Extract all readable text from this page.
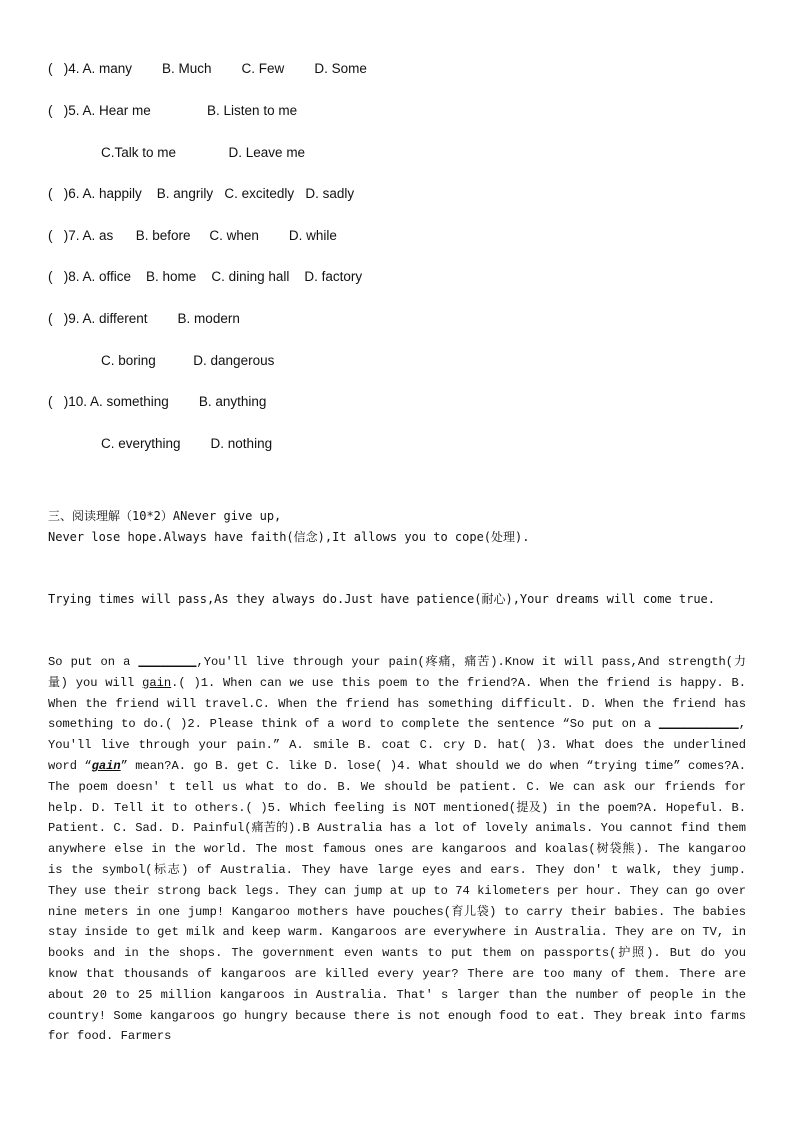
(   )4. A. many        B. Much        C. Few        D. Some
(   )5. A. Hear me               B. Listen to me
C.Talk to me              D. Leave me
(   )6. A. happily    B. angrily   C. excitedly   D. sadly
(   )7. A. as      B. before     C. when        D. while
(   )8. A. office    B. home    C. dining hall    D. factory
(   )9. A. different        B. modern
C. boring          D. dangerous
(   )10. A. something        B. anything
C. everything        D. nothing
三、阅读理解（10*2）ANever give up,
Never lose hope.Always have faith(信念),It allows you to cope(处理).
Trying times will pass,As they always do.Just have patience(耐心),Your dreams will come true.
So put on a ________,You'll live through your pain(疼痛，痛苦).Know it will pass,And strength(力量) you will gain.( )1. When can we use this poem to the friend?A. When the friend is happy. B. When the friend will travel.C. When the friend has something difficult. D. When the friend has something to do.( )2. Please think of a word to complete the sentence “So put on a ___________, You'll live through your pain.” A. smile B. coat C. cry D. hat( )3. What does the underlined word “gain” mean?A. go B. get C. like D. lose( )4. What should we do when “trying time” comes?A. The poem doesn' t tell us what to do. B. We should be patient. C. We can ask our friends for help. D. Tell it to others.( )5. Which feeling is NOT mentioned(提及) in the poem?A. Hopeful. B. Patient. C. Sad. D. Painful(痛苦的).B Australia has a lot of lovely animals. You cannot find them anywhere else in the world. The most famous ones are kangaroos and koalas(树袋熊). The kangaroo is the symbol(标志) of Australia. They have large eyes and ears. They don' t walk, they jump. They use their strong back legs. They can jump at up to 74 kilometers per hour. They can go over nine meters in one jump! Kangaroo mothers have pouches(育儿袋) to carry their babies. The babies stay inside to get milk and keep warm. Kangaroos are everywhere in Australia. They are on TV, in books and in the shops. The government even wants to put them on passports(护照). But do you know that thousands of kangaroos are killed every year? There are too many of them. There are about 20 to 25 million kangaroos in Australia. That' s larger than the number of people in the country! Some kangaroos go hungry because there is not enough food to eat. They break into farms for food. Farmers
